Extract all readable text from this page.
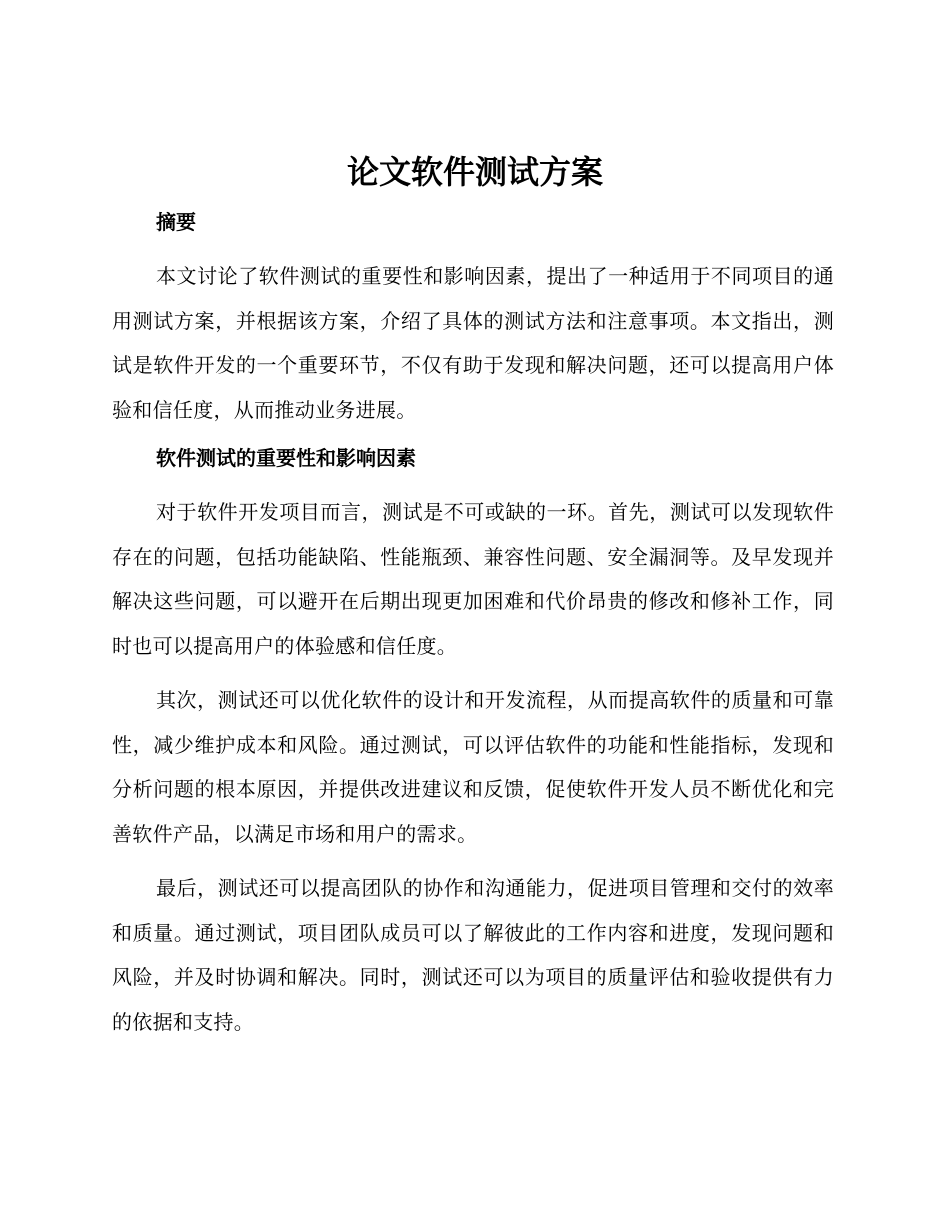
论文软件测试方案
摘要

本文讨论了软件测试的重要性和影响因素，提出了一种适用于不同项目的通用测试方案，并根据该方案，介绍了具体的测试方法和注意事项。本文指出，测试是软件开发的一个重要环节，不仅有助于发现和解决问题，还可以提高用户体验和信任度，从而推动业务进展。

软件测试的重要性和影响因素

对于软件开发项目而言，测试是不可或缺的一环。首先，测试可以发现软件存在的问题，包括功能缺陷、性能瓶颈、兼容性问题、安全漏洞等。及早发现并解决这些问题，可以避开在后期出现更加困难和代价昂贵的修改和修补工作，同时也可以提高用户的体验感和信任度。

其次，测试还可以优化软件的设计和开发流程，从而提高软件的质量和可靠性，减少维护成本和风险。通过测试，可以评估软件的功能和性能指标，发现和分析问题的根本原因，并提供改进建议和反馈，促使软件开发人员不断优化和完善软件产品，以满足市场和用户的需求。

最后，测试还可以提高团队的协作和沟通能力，促进项目管理和交付的效率和质量。通过测试，项目团队成员可以了解彼此的工作内容和进度，发现问题和风险，并及时协调和解决。同时，测试还可以为项目的质量评估和验收提供有力的依据和支持。
